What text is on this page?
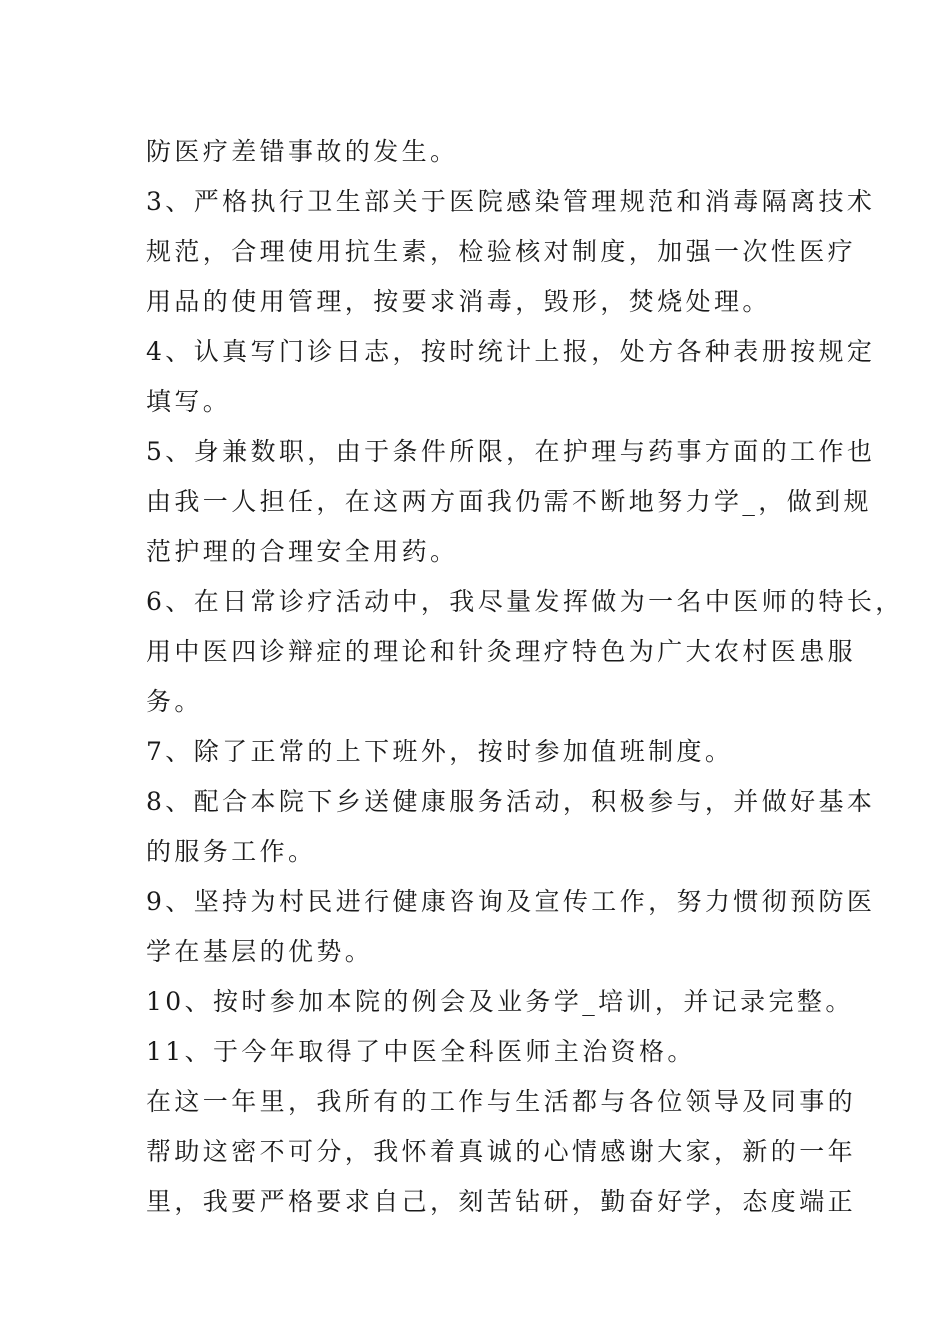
防医疗差错事故的发生。
3、严格执行卫生部关于医院感染管理规范和消毒隔离技术
规范，合理使用抗生素，检验核对制度，加强一次性医疗
用品的使用管理，按要求消毒，毁形，焚烧处理。
4、认真写门诊日志，按时统计上报，处方各种表册按规定
填写。
5、身兼数职，由于条件所限，在护理与药事方面的工作也
由我一人担任，在这两方面我仍需不断地努力学_，做到规
范护理的合理安全用药。
6、在日常诊疗活动中，我尽量发挥做为一名中医师的特长，
用中医四诊辩症的理论和针灸理疗特色为广大农村医患服
务。
7、除了正常的上下班外，按时参加值班制度。
8、配合本院下乡送健康服务活动，积极参与，并做好基本
的服务工作。
9、坚持为村民进行健康咨询及宣传工作，努力惯彻预防医
学在基层的优势。
10、按时参加本院的例会及业务学_培训，并记录完整。
11、于今年取得了中医全科医师主治资格。
在这一年里，我所有的工作与生活都与各位领导及同事的
帮助这密不可分，我怀着真诚的心情感谢大家，新的一年
里，我要严格要求自己，刻苦钻研，勤奋好学，态度端正
